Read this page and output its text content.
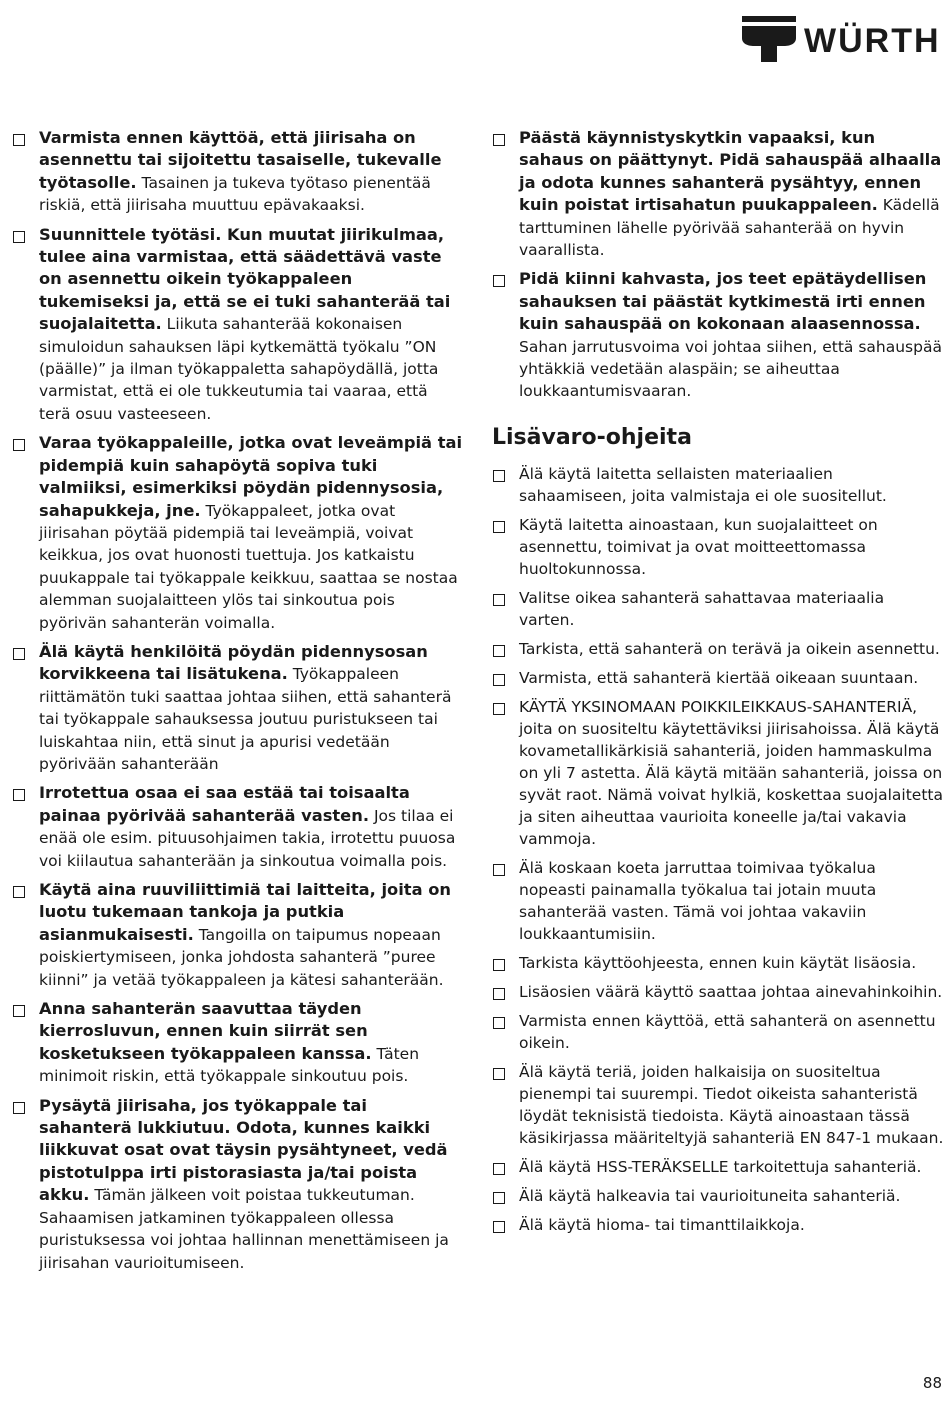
WÜRTH
Varmista ennen käyttöä, että jiirisaha on asennettu tai sijoitettu tasaiselle, tukevalle työtasolle. Tasainen ja tukeva työtaso pienentää riskiä, että jiirisaha muuttuu epävakaaksi.
Suunnittele työtäsi. Kun muutat jiirikulmaa, tulee aina varmistaa, että säädettävä vaste on asennettu oikein työkappaleen tukemiseksi ja, että se ei tuki sahanterää tai suojalaitetta. Liikuta sahanterää kokonaisen simuloidun sahauksen läpi kytkemättä työkalu ”ON (päälle)” ja ilman työkappaletta sahapöydällä, jotta varmistat, että ei ole tukkeutumia tai vaaraa, että terä osuu vasteeseen.
Varaa työkappaleille, jotka ovat leveämpiä tai pidempiä kuin sahapöytä sopiva tuki valmiiksi, esimerkiksi pöydän pidennysosia, sahapukkeja, jne. Työkappaleet, jotka ovat jiirisahan pöytää pidempiä tai leveämpiä, voivat keikkua, jos ovat huonosti tuettuja. Jos katkaistu puukappale tai työkappale keikkuu, saattaa se nostaa alemman suojalaitteen ylös tai sinkoutua pois pyörivän sahanterän voimalla.
Älä käytä henkilöitä pöydän pidennysosan korvikkeena tai lisätukena. Työkappaleen riittämätön tuki saattaa johtaa siihen, että sahanterä tai työkappale sahauksessa joutuu puristukseen tai luiskahtaa niin, että sinut ja apurisi vedetään pyörivään sahanterään
Irrotettua osaa ei saa estää tai toisaalta painaa pyörivää sahanterää vasten. Jos tilaa ei enää ole esim. pituusohjaimen takia, irrotettu puuosa voi kiilautua sahanterään ja sinkoutua voimalla pois.
Käytä aina ruuviliittimiä tai laitteita, joita on luotu tukemaan tankoja ja putkia asianmukaisesti. Tangoilla on taipumus nopeaan poiskiertymiseen, jonka johdosta sahanterä ”puree kiinni” ja vetää työkappaleen ja kätesi sahanterään.
Anna sahanterän saavuttaa täyden kierrosluvun, ennen kuin siirrät sen kosketukseen työkappaleen kanssa. Täten minimoit riskin, että työkappale sinkoutuu pois.
Pysäytä jiirisaha, jos työkappale tai sahanterä lukkiutuu. Odota, kunnes kaikki liikkuvat osat ovat täysin pysähtyneet, vedä pistotulppa irti pistorasiasta ja/tai poista akku. Tämän jälkeen voit poistaa tukkeutuman. Sahaamisen jatkaminen työkappaleen ollessa puristuksessa voi johtaa hallinnan menettämiseen ja jiirisahan vaurioitumiseen.
Päästä käynnistyskytkin vapaaksi, kun sahaus on päättynyt. Pidä sahauspää alhaalla ja odota kunnes sahanterä pysähtyy, ennen kuin poistat irtisahatun puukappaleen. Kädellä tarttuminen lähelle pyörivää sahanterää on hyvin vaarallista.
Pidä kiinni kahvasta, jos teet epätäydellisen sahauksen tai päästät kytkimestä irti ennen kuin sahauspää on kokonaan alaasennossa. Sahan jarrutusvoima voi johtaa siihen, että sahauspää yhtäkkiä vedetään alaspäin; se aiheuttaa loukkaantumisvaaran.
Lisävaro-ohjeita
Älä käytä laitetta sellaisten materiaalien sahaamiseen, joita valmistaja ei ole suositellut.
Käytä laitetta ainoastaan, kun suojalaitteet on asennettu, toimivat ja ovat moitteettomassa huoltokunnossa.
Valitse oikea sahanterä sahattavaa materiaalia varten.
Tarkista, että sahanterä on terävä ja oikein asennettu.
Varmista, että sahanterä kiertää oikeaan suuntaan.
KÄYTÄ YKSINOMAAN POIKKILEIKKAUS-SAHANTERIÄ, joita on suositeltu käytettäviksi jiirisahoissa. Älä käytä kovametallikärkisiä sahanteriä, joiden hammaskulma on yli 7 astetta. Älä käytä mitään sahanteriä, joissa on syvät raot. Nämä voivat hylkiä, koskettaa suojalaitetta ja siten aiheuttaa vaurioita koneelle ja/tai vakavia vammoja.
Älä koskaan koeta jarruttaa toimivaa työkalua nopeasti painamalla työkalua tai jotain muuta sahanterää vasten. Tämä voi johtaa vakaviin loukkaantumisiin.
Tarkista käyttöohjeesta, ennen kuin käytät lisäosia.
Lisäosien väärä käyttö saattaa johtaa ainevahinkoihin.
Varmista ennen käyttöä, että sahanterä on asennettu oikein.
Älä käytä teriä, joiden halkaisija on suositeltua pienempi tai suurempi. Tiedot oikeista sahanteristä löydät teknisistä tiedoista. Käytä ainoastaan tässä käsikirjassa määriteltyjä sahanteriä EN 847-1 mukaan.
Älä käytä HSS-TERÄKSELLE tarkoitettuja sahanteriä.
Älä käytä halkeavia tai vaurioituneita sahanteriä.
Älä käytä hioma- tai timanttilaikkoja.
88
